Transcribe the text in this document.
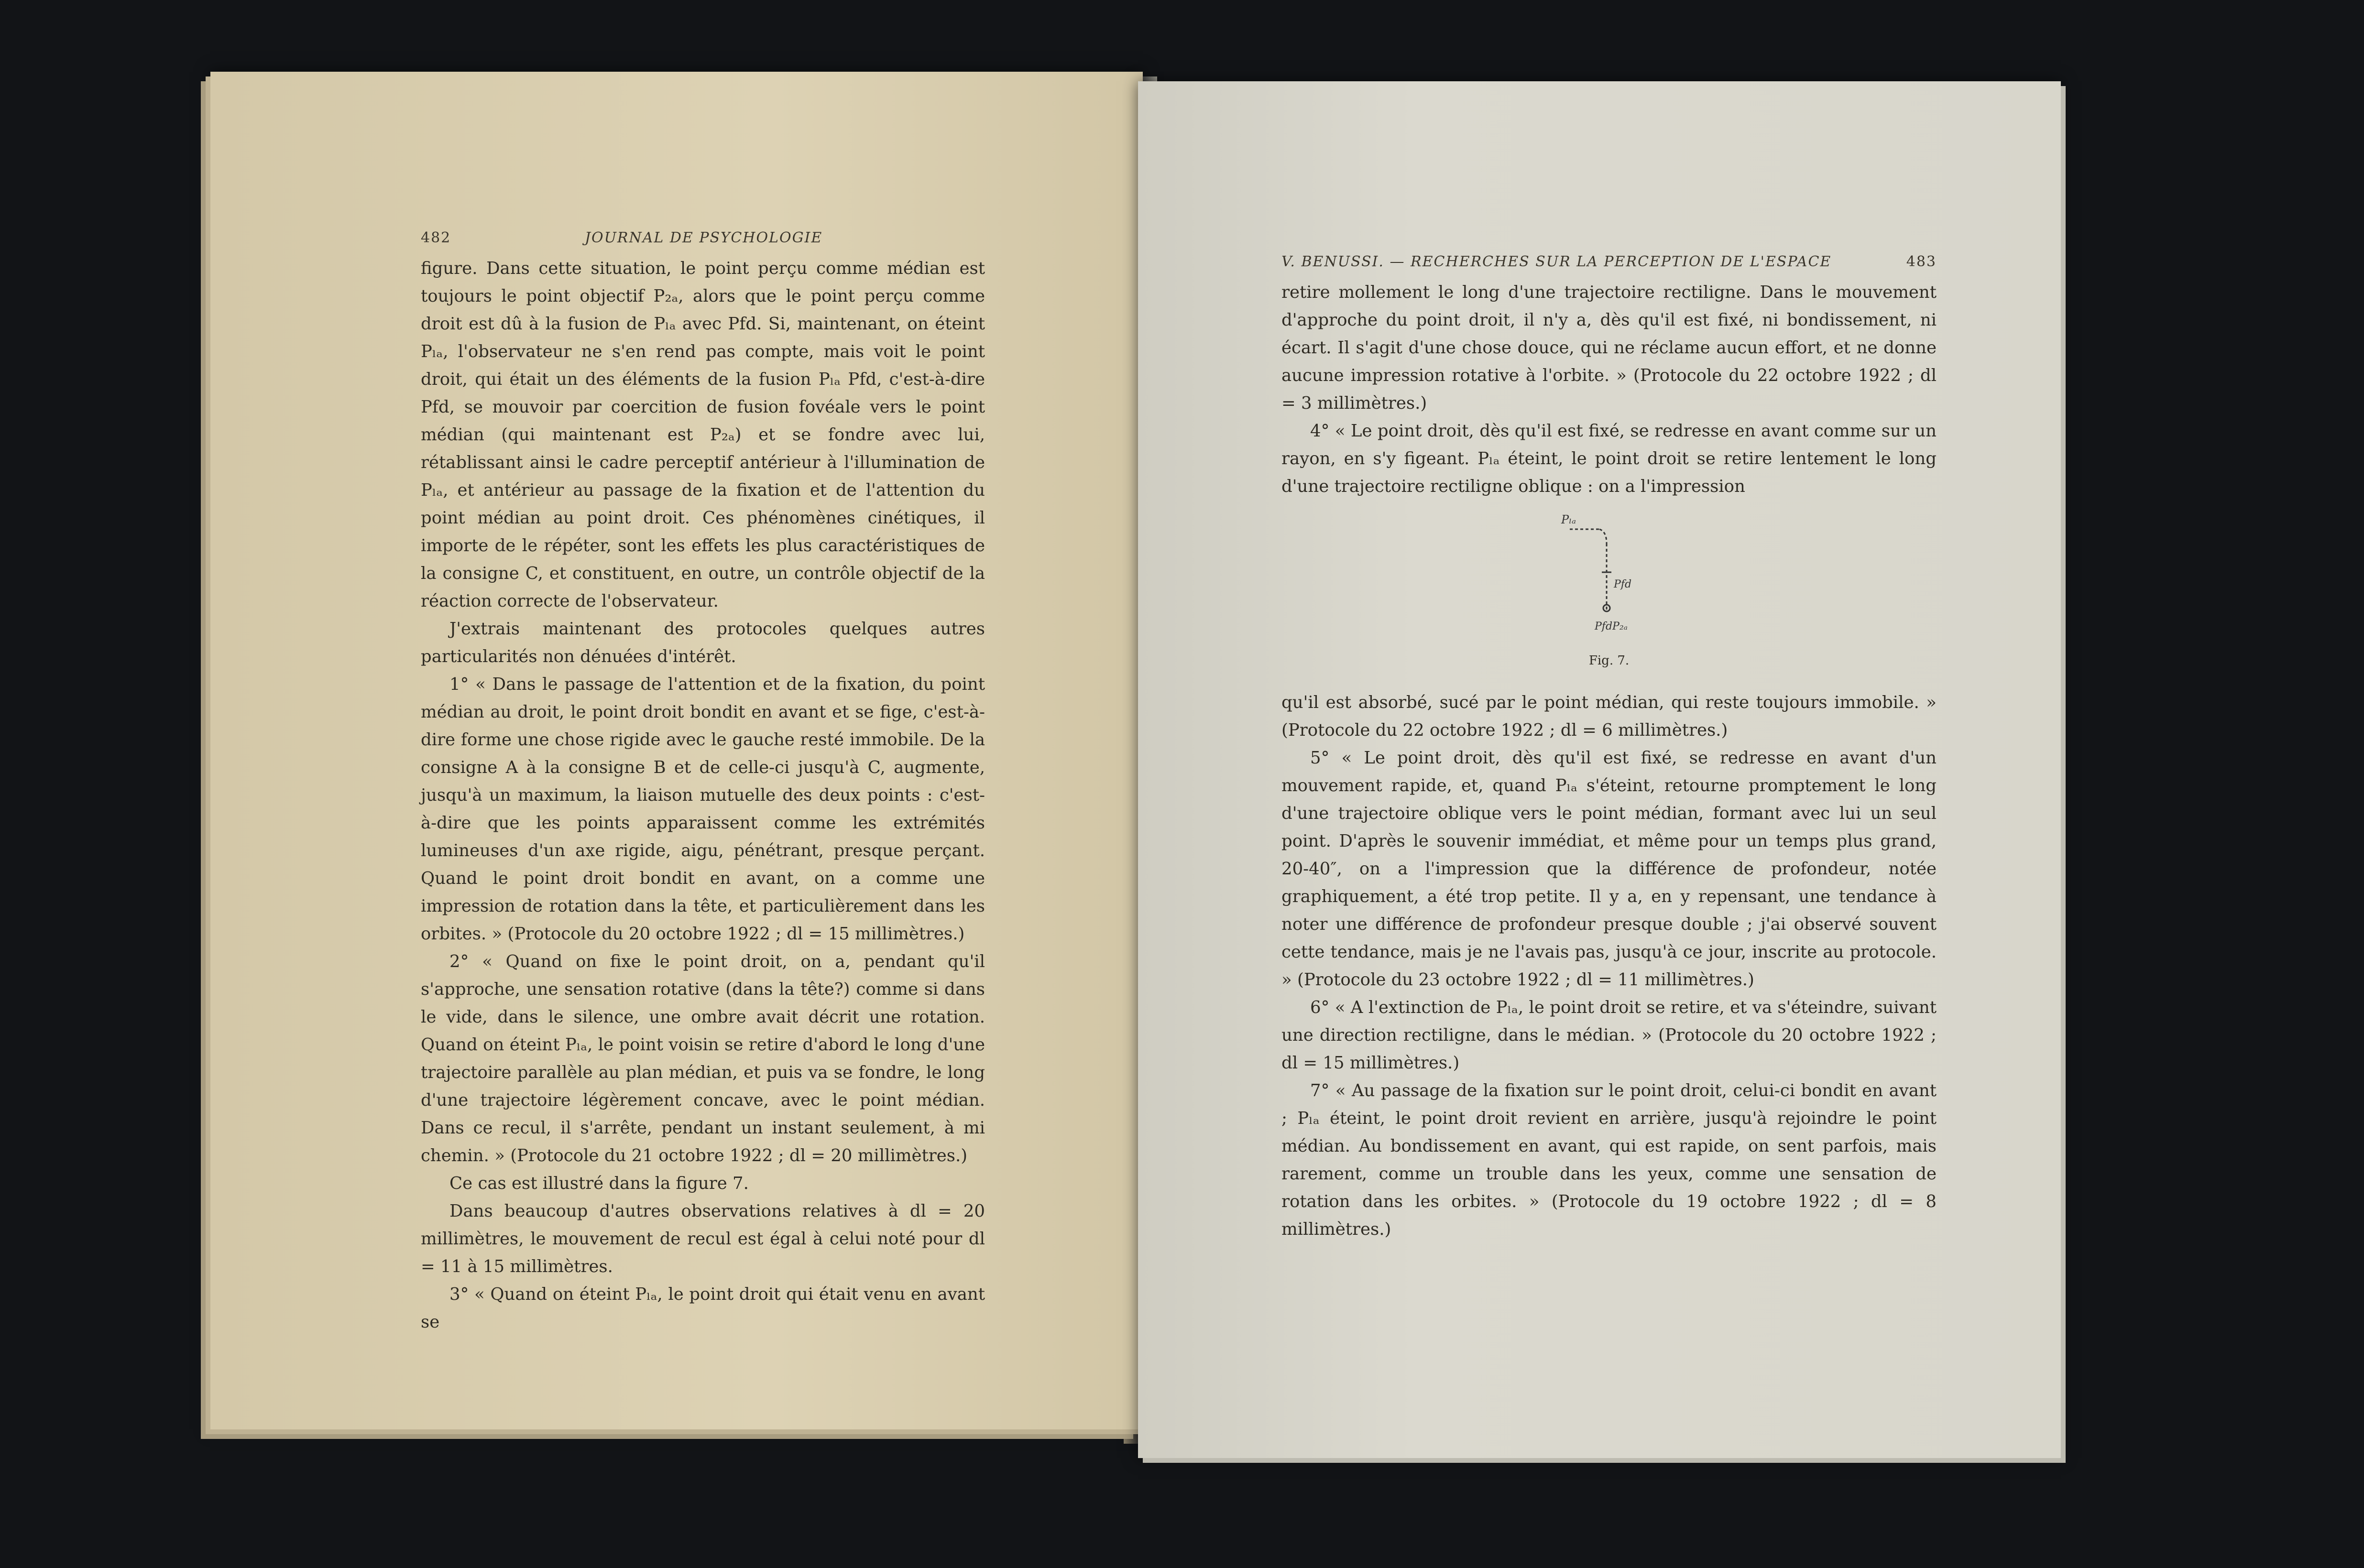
482	JOURNAL DE PSYCHOLOGIE

figure. Dans cette situation, le point perçu comme médian est toujours le point objectif P₂ₐ, alors que le point perçu comme droit est dû à la fusion de Pₗₐ avec Pfd. Si, maintenant, on éteint Pₗₐ, l'observateur ne s'en rend pas compte, mais voit le point droit, qui était un des éléments de la fusion Pₗₐ Pfd, c'est-à-dire Pfd, se mouvoir par coercition de fusion fovéale vers le point médian (qui maintenant est P₂ₐ) et se fondre avec lui, rétablissant ainsi le cadre perceptif antérieur à l'illumination de Pₗₐ, et antérieur au passage de la fixation et de l'attention du point médian au point droit. Ces phénomènes cinétiques, il importe de le répéter, sont les effets les plus caractéristiques de la consigne C, et constituent, en outre, un contrôle objectif de la réaction correcte de l'observateur.

J'extrais maintenant des protocoles quelques autres particularités non dénuées d'intérêt.

1° « Dans le passage de l'attention et de la fixation, du point médian au droit, le point droit bondit en avant et se fige, c'est-à-dire forme une chose rigide avec le gauche resté immobile. De la consigne A à la consigne B et de celle-ci jusqu'à C, augmente, jusqu'à un maximum, la liaison mutuelle des deux points : c'est-à-dire que les points apparaissent comme les extrémités lumineuses d'un axe rigide, aigu, pénétrant, presque perçant. Quand le point droit bondit en avant, on a comme une impression de rotation dans la tête, et particulièrement dans les orbites. » (Protocole du 20 octobre 1922 ; dl = 15 millimètres.)

2° « Quand on fixe le point droit, on a, pendant qu'il s'approche, une sensation rotative (dans la tête?) comme si dans le vide, dans le silence, une ombre avait décrit une rotation. Quand on éteint Pₗₐ, le point voisin se retire d'abord le long d'une trajectoire parallèle au plan médian, et puis va se fondre, le long d'une trajectoire légèrement concave, avec le point médian. Dans ce recul, il s'arrête, pendant un instant seulement, à mi chemin. » (Protocole du 21 octobre 1922 ; dl = 20 millimètres.)

Ce cas est illustré dans la figure 7.

Dans beaucoup d'autres observations relatives à dl = 20 millimètres, le mouvement de recul est égal à celui noté pour dl = 11 à 15 millimètres.

3° « Quand on éteint Pₗₐ, le point droit qui était venu en avant se

V. BENUSSI. — RECHERCHES SUR LA PERCEPTION DE L'ESPACE	483

retire mollement le long d'une trajectoire rectiligne. Dans le mouvement d'approche du point droit, il n'y a, dès qu'il est fixé, ni bondissement, ni écart. Il s'agit d'une chose douce, qui ne réclame aucun effort, et ne donne aucune impression rotative à l'orbite. » (Protocole du 22 octobre 1922 ; dl = 3 millimètres.)

4° « Le point droit, dès qu'il est fixé, se redresse en avant comme sur un rayon, en s'y figeant. Pₗₐ éteint, le point droit se retire lentement le long d'une trajectoire rectiligne oblique : on a l'impression

Pₗₐ
Pfd
PfdP₂ₐ
Fig. 7.

qu'il est absorbé, sucé par le point médian, qui reste toujours immobile. » (Protocole du 22 octobre 1922 ; dl = 6 millimètres.)

5° « Le point droit, dès qu'il est fixé, se redresse en avant d'un mouvement rapide, et, quand Pₗₐ s'éteint, retourne promptement le long d'une trajectoire oblique vers le point médian, formant avec lui un seul point. D'après le souvenir immédiat, et même pour un temps plus grand, 20-40″, on a l'impression que la différence de profondeur, notée graphiquement, a été trop petite. Il y a, en y repensant, une tendance à noter une différence de profondeur presque double ; j'ai observé souvent cette tendance, mais je ne l'avais pas, jusqu'à ce jour, inscrite au protocole. » (Protocole du 23 octobre 1922 ; dl = 11 millimètres.)

6° « A l'extinction de Pₗₐ, le point droit se retire, et va s'éteindre, suivant une direction rectiligne, dans le médian. » (Protocole du 20 octobre 1922 ; dl = 15 millimètres.)

7° « Au passage de la fixation sur le point droit, celui-ci bondit en avant ; Pₗₐ éteint, le point droit revient en arrière, jusqu'à rejoindre le point médian. Au bondissement en avant, qui est rapide, on sent parfois, mais rarement, comme un trouble dans les yeux, comme une sensation de rotation dans les orbites. » (Protocole du 19 octobre 1922 ; dl = 8 millimètres.)
